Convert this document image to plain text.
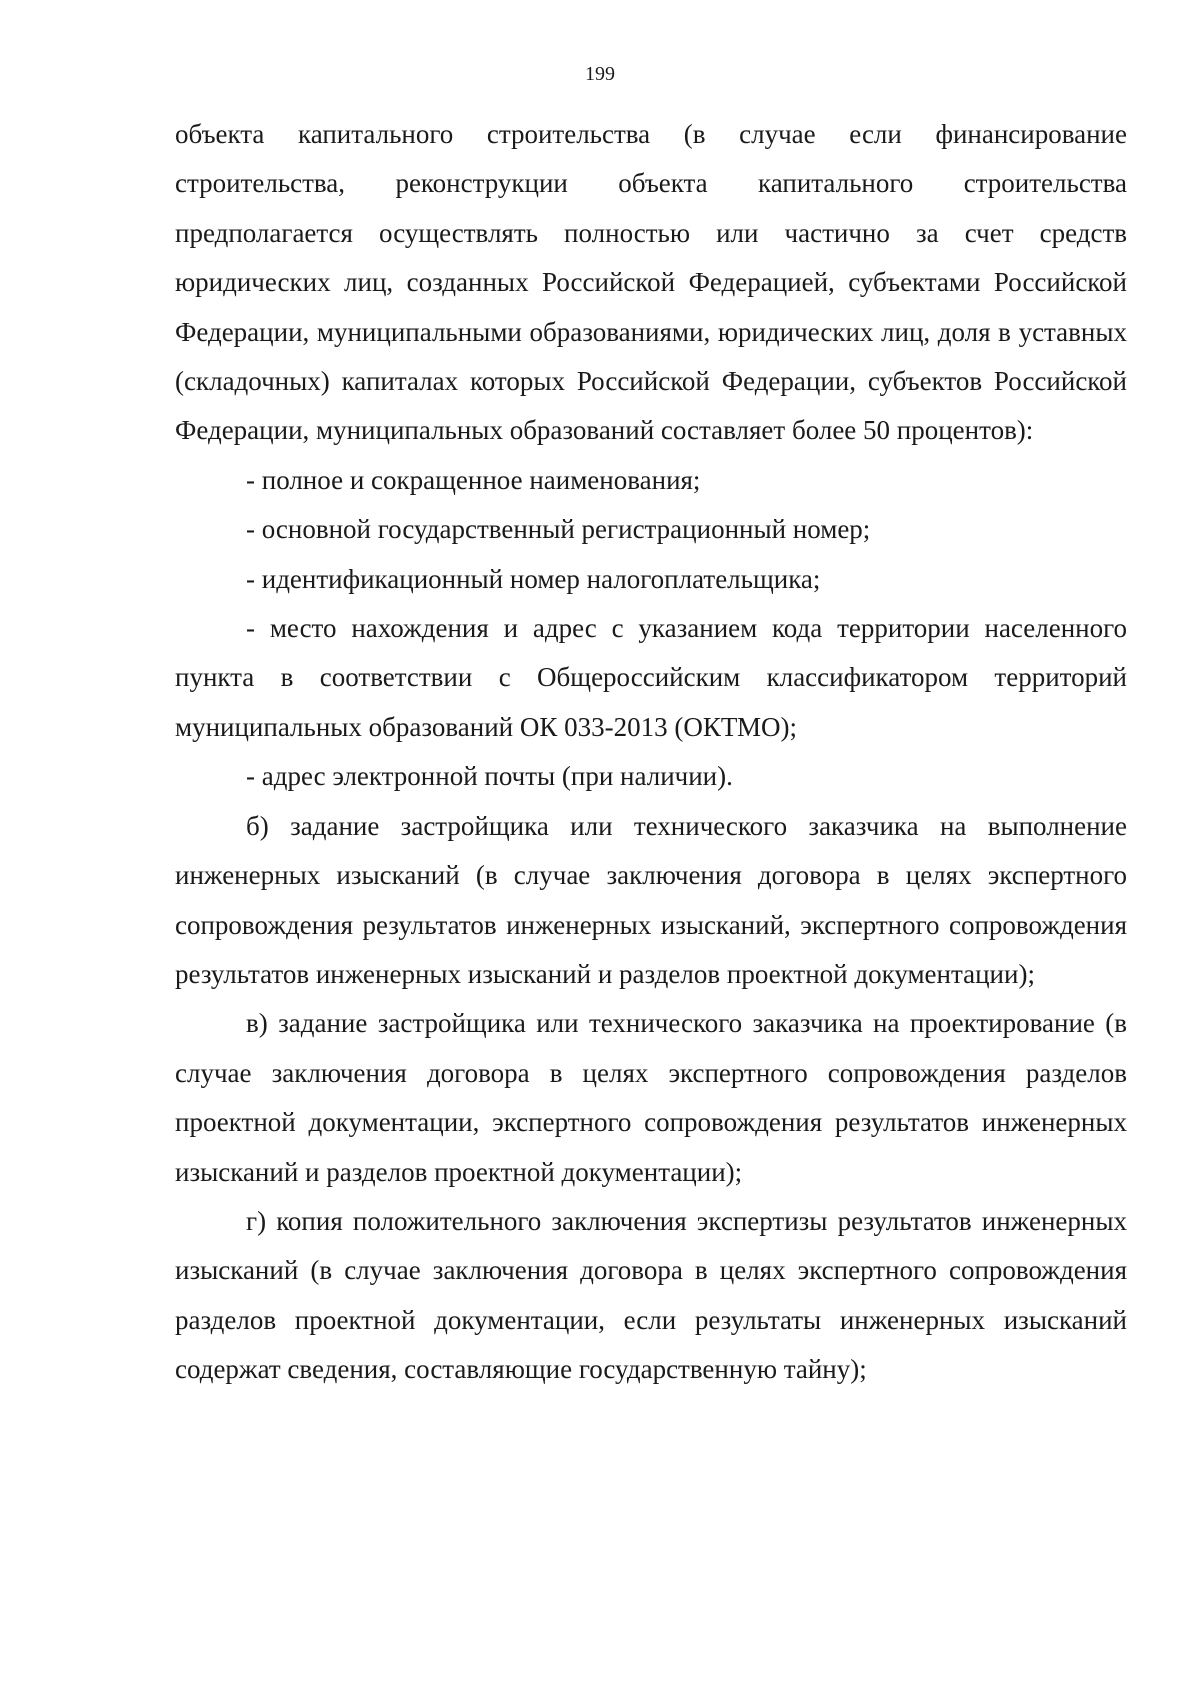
199

объекта капитального строительства (в случае если финансирование строительства, реконструкции объекта капитального строительства предполагается осуществлять полностью или частично за счет средств юридических лиц, созданных Российской Федерацией, субъектами Российской Федерации, муниципальными образованиями, юридических лиц, доля в уставных (складочных) капиталах которых Российской Федерации, субъектов Российской Федерации, муниципальных образований составляет более 50 процентов):

- полное и сокращенное наименования;

- основной государственный регистрационный номер;

- идентификационный номер налогоплательщика;

- место нахождения и адрес с указанием кода территории населенного пункта в соответствии с Общероссийским классификатором территорий муниципальных образований ОК 033-2013 (ОКТМО);

- адрес электронной почты (при наличии).

б) задание застройщика или технического заказчика на выполнение инженерных изысканий (в случае заключения договора в целях экспертного сопровождения результатов инженерных изысканий, экспертного сопровождения результатов инженерных изысканий и разделов проектной документации);

в) задание застройщика или технического заказчика на проектирование (в случае заключения договора в целях экспертного сопровождения разделов проектной документации, экспертного сопровождения результатов инженерных изысканий и разделов проектной документации);

г) копия положительного заключения экспертизы результатов инженерных изысканий (в случае заключения договора в целях экспертного сопровождения разделов проектной документации, если результаты инженерных изысканий содержат сведения, составляющие государственную тайну);
